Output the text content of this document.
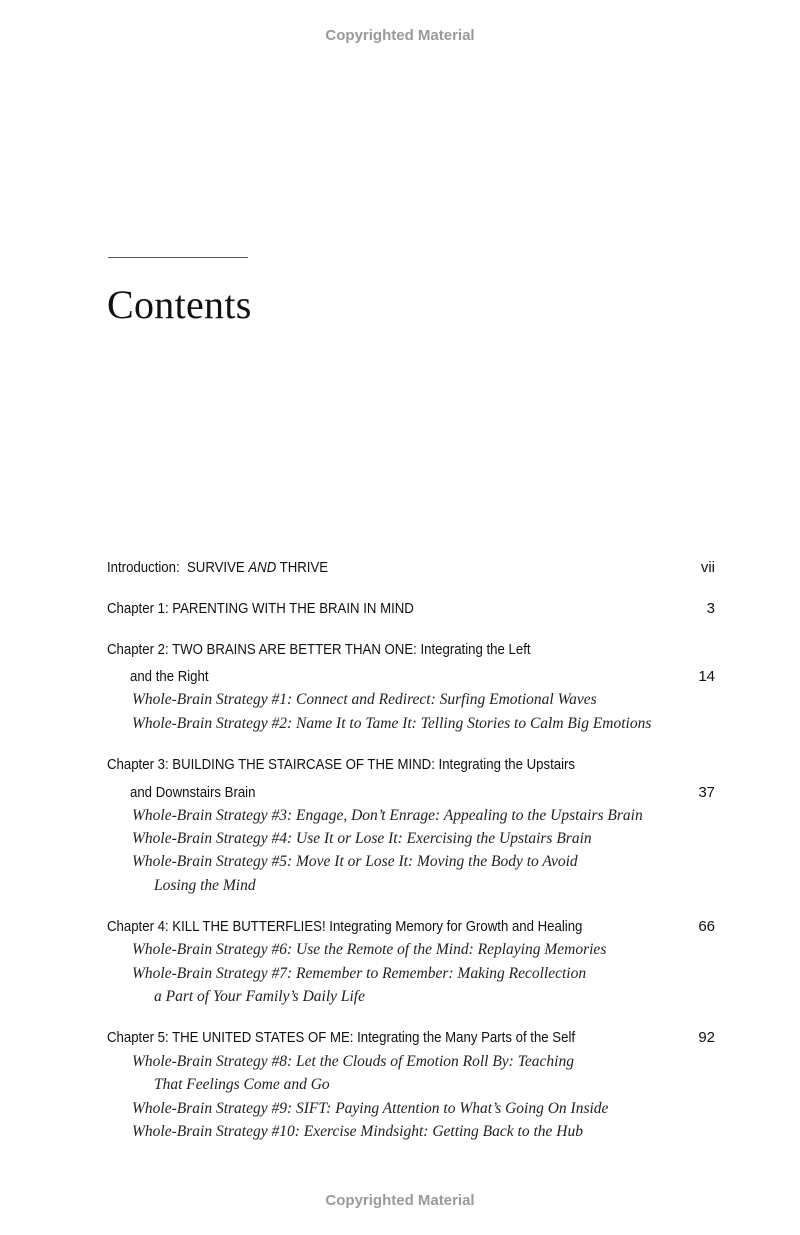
Copyrighted Material
Contents
Introduction: SURVIVE AND THRIVE	vii
Chapter 1: PARENTING WITH THE BRAIN IN MIND	3
Chapter 2: TWO BRAINS ARE BETTER THAN ONE: Integrating the Left
and the Right	14
Whole-Brain Strategy #1: Connect and Redirect: Surfing Emotional Waves
Whole-Brain Strategy #2: Name It to Tame It: Telling Stories to Calm Big Emotions
Chapter 3: BUILDING THE STAIRCASE OF THE MIND: Integrating the Upstairs
and Downstairs Brain	37
Whole-Brain Strategy #3: Engage, Don’t Enrage: Appealing to the Upstairs Brain
Whole-Brain Strategy #4: Use It or Lose It: Exercising the Upstairs Brain
Whole-Brain Strategy #5: Move It or Lose It: Moving the Body to Avoid
Losing the Mind
Chapter 4: KILL THE BUTTERFLIES! Integrating Memory for Growth and Healing	66
Whole-Brain Strategy #6: Use the Remote of the Mind: Replaying Memories
Whole-Brain Strategy #7: Remember to Remember: Making Recollection
a Part of Your Family’s Daily Life
Chapter 5: THE UNITED STATES OF ME: Integrating the Many Parts of the Self	92
Whole-Brain Strategy #8: Let the Clouds of Emotion Roll By: Teaching
That Feelings Come and Go
Whole-Brain Strategy #9: SIFT: Paying Attention to What’s Going On Inside
Whole-Brain Strategy #10: Exercise Mindsight: Getting Back to the Hub
Copyrighted Material
